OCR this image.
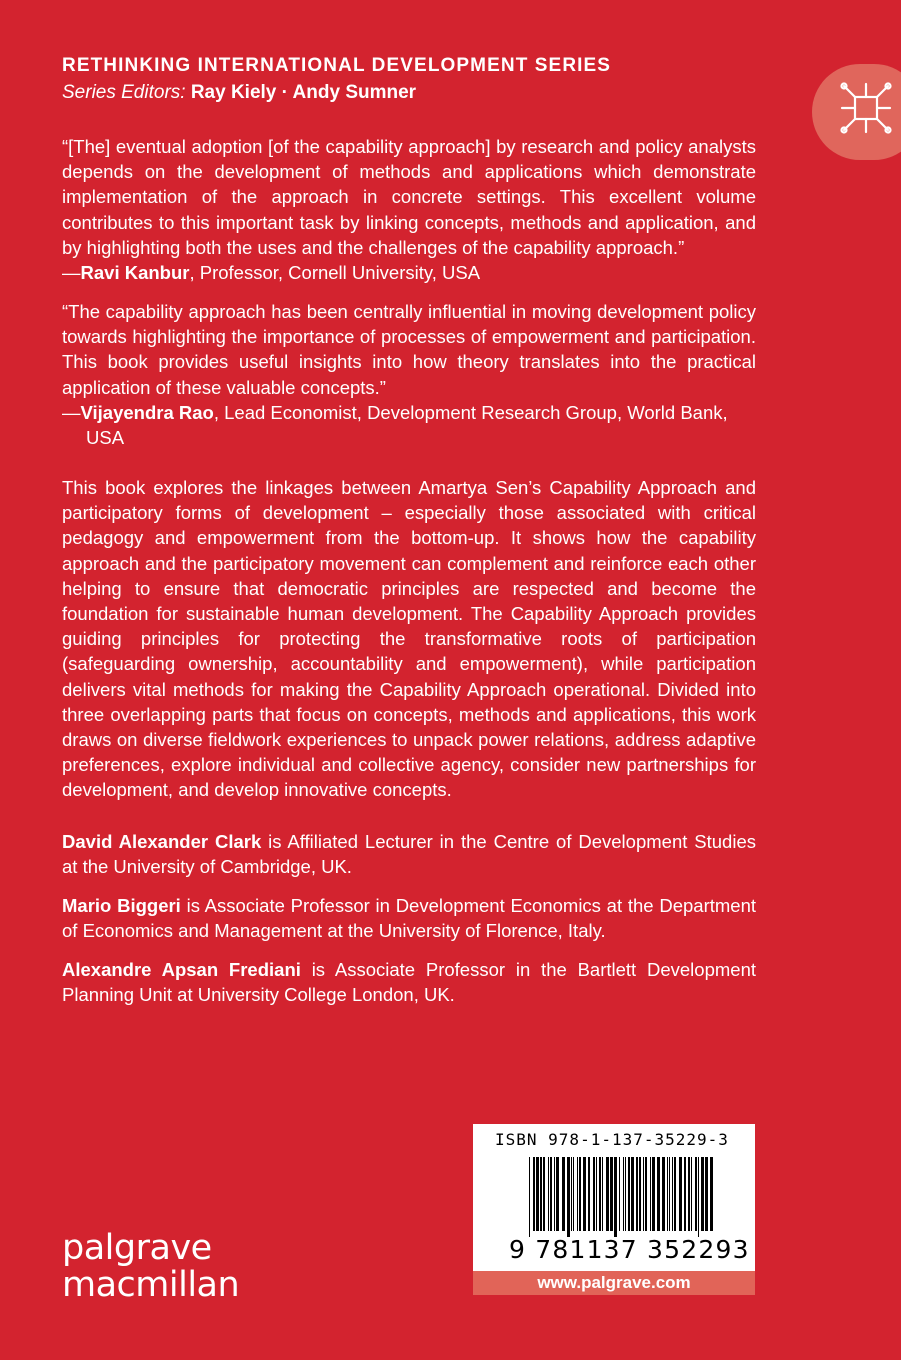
RETHINKING INTERNATIONAL DEVELOPMENT SERIES
Series Editors: Ray Kiely · Andy Sumner

“[The] eventual adoption [of the capability approach] by research and policy analysts depends on the development of methods and applications which demonstrate implementation of the approach in concrete settings. This excellent volume contributes to this important task by linking concepts, methods and application, and by highlighting both the uses and the challenges of the capability approach.”

—Ravi Kanbur, Professor, Cornell University, USA

“The capability approach has been centrally influential in moving development policy towards highlighting the importance of processes of empowerment and participation. This book provides useful insights into how theory translates into the practical application of these valuable concepts.”

—Vijayendra Rao, Lead Economist, Development Research Group, World Bank, USA

This book explores the linkages between Amartya Sen’s Capability Approach and participatory forms of development – especially those associated with critical pedagogy and empowerment from the bottom-up. It shows how the capability approach and the participatory movement can complement and reinforce each other helping to ensure that democratic principles are respected and become the foundation for sustainable human development. The Capability Approach provides guiding principles for protecting the transformative roots of participation (safeguarding ownership, accountability and empowerment), while participation delivers vital methods for making the Capability Approach operational. Divided into three overlapping parts that focus on concepts, methods and applications, this work draws on diverse fieldwork experiences to unpack power relations, address adaptive preferences, explore individual and collective agency, consider new partnerships for development, and develop innovative concepts.
David Alexander Clark is Affiliated Lecturer in the Centre of Development Studies at the University of Cambridge, UK.
Mario Biggeri is Associate Professor in Development Economics at the Department of Economics and Management at the University of Florence, Italy.
Alexandre Apsan Frediani is Associate Professor in the Bartlett Development Planning Unit at University College London, UK.
palgrave
macmillan
ISBN 978-1-137-35229-3
9 781137 352293
www.palgrave.com
